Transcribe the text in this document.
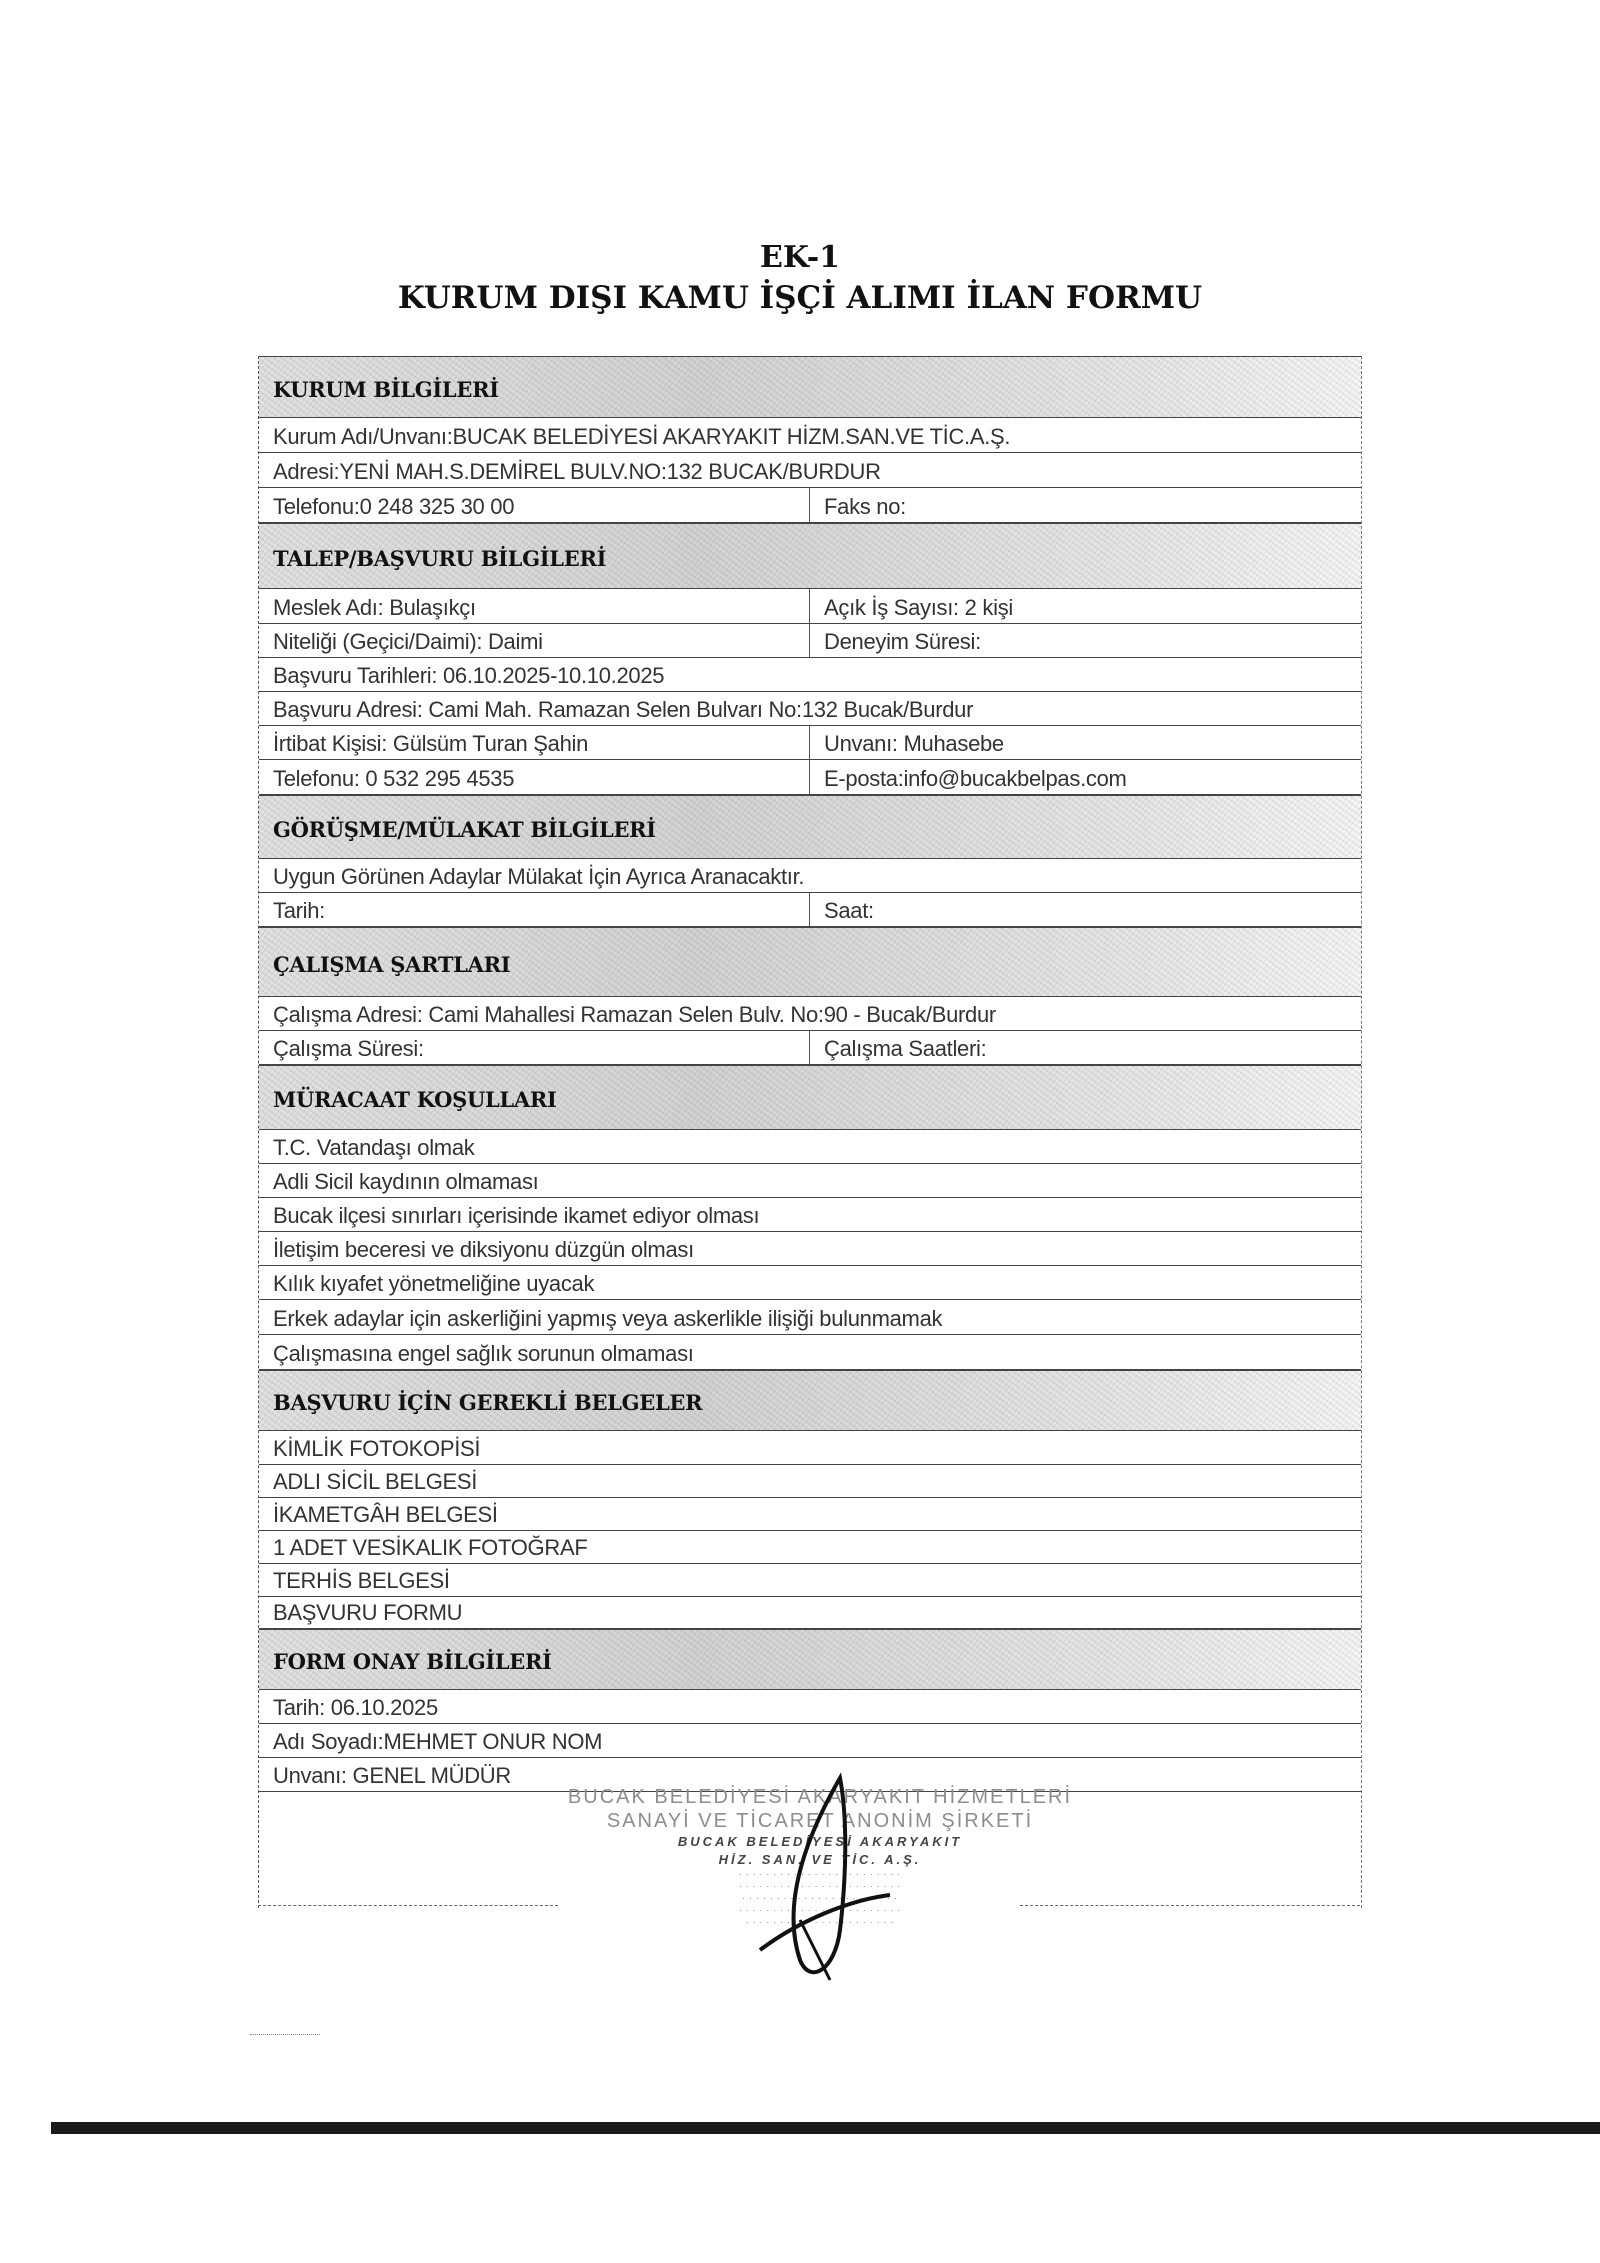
EK-1
KURUM DIŞI KAMU İŞÇİ ALIMI İLAN FORMU
KURUM BİLGİLERİ
Kurum Adı/Unvanı:BUCAK BELEDİYESİ AKARYAKIT HİZM.SAN.VE TİC.A.Ş.
Adresi:YENİ MAH.S.DEMİREL BULV.NO:132 BUCAK/BURDUR
Telefonu:0 248 325 30 00	Faks no:
TALEP/BAŞVURU BİLGİLERİ
Meslek Adı: Bulaşıkçı	Açık İş Sayısı: 2 kişi
Niteliği (Geçici/Daimi): Daimi	Deneyim Süresi:
Başvuru Tarihleri: 06.10.2025-10.10.2025
Başvuru Adresi: Cami Mah. Ramazan Selen Bulvarı No:132 Bucak/Burdur
İrtibat Kişisi: Gülsüm Turan Şahin	Unvanı: Muhasebe
Telefonu: 0 532 295 4535	E-posta:info@bucakbelpas.com
GÖRÜŞME/MÜLAKAT BİLGİLERİ
Uygun Görünen Adaylar Mülakat İçin Ayrıca Aranacaktır.
Tarih:	Saat:
ÇALIŞMA ŞARTLARI
Çalışma Adresi: Cami Mahallesi Ramazan Selen Bulv. No:90 - Bucak/Burdur
Çalışma Süresi:	Çalışma Saatleri:
MÜRACAAT KOŞULLARI
T.C. Vatandaşı olmak
Adli Sicil kaydının olmaması
Bucak ilçesi sınırları içerisinde ikamet ediyor olması
İletişim beceresi ve diksiyonu düzgün olması
Kılık kıyafet yönetmeliğine uyacak
Erkek adaylar için askerliğini yapmış veya askerlikle ilişiği bulunmamak
Çalışmasına engel sağlık sorunun olmaması
BAŞVURU İÇİN GEREKLİ BELGELER
KİMLİK FOTOKOPİSİ
ADLI SİCİL BELGESİ
İKAMETGÂH BELGESİ
1 ADET VESİKALIK FOTOĞRAF
TERHİS BELGESİ
BAŞVURU FORMU
FORM ONAY BİLGİLERİ
Tarih: 06.10.2025
Adı Soyadı:MEHMET ONUR NOM
Unvanı: GENEL MÜDÜR
BUCAK BELEDİYESİ AKARYAKIT HİZMETLERİ
SANAYİ VE TİCARET ANONİM ŞİRKETİ
BUCAK BELEDİYESİ AKARYAKIT
HİZ. SAN. VE TİC. A.Ş.
· · · · · · · · · · · · · · · · · · · · · · · ·
· · · · · · · · · · · · · · · · · · · · · · · ·
· · · · · · · · · · · · · · · · · · · · · · ·
· · · · · · · · · · · · · · · · · · · · · · · ·
· · · · · · · · · · · · · · · · · · · · · ·
